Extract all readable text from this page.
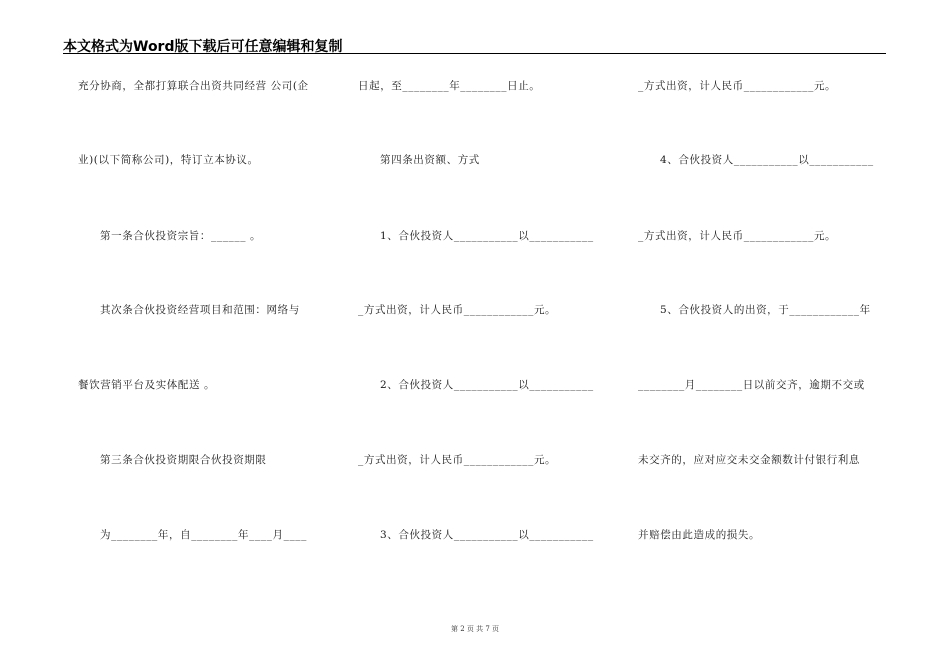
本文格式为Word版下载后可任意编辑和复制
充分协商，全都打算联合出资共同经营 公司(企
业)(以下简称公司)，特订立本协议。
第一条合伙投资宗旨：______ 。
其次条合伙投资经营项目和范围：网络与
餐饮营销平台及实体配送 。
第三条合伙投资期限合伙投资期限
为________年，自________年____月____
日起，至________年________日止。
第四条出资额、方式
1、合伙投资人___________以___________
_方式出资，计人民币____________元。
2、合伙投资人___________以___________
_方式出资，计人民币____________元。
3、合伙投资人___________以___________
_方式出资，计人民币____________元。
4、合伙投资人___________以___________
_方式出资，计人民币____________元。
5、合伙投资人的出资，于____________年
________月________日以前交齐，逾期不交或
未交齐的，应对应交未交金额数计付银行利息
并赔偿由此造成的损失。
第 2 页 共 7 页
